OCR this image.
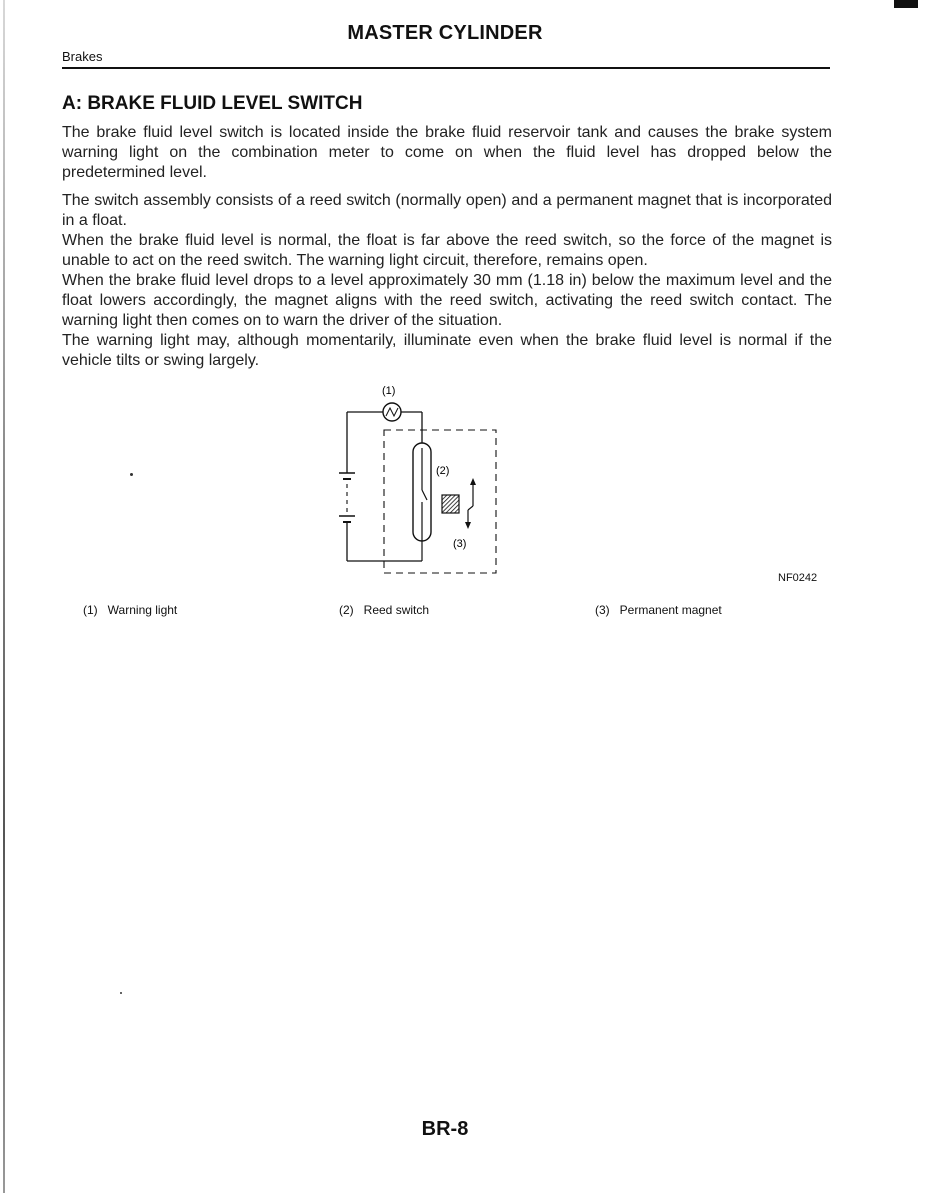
MASTER CYLINDER
Brakes
A: BRAKE FLUID LEVEL SWITCH

The brake fluid level switch is located inside the brake fluid reservoir tank and causes the brake system warning light on the combination meter to come on when the fluid level has dropped below the predetermined level.

The switch assembly consists of a reed switch (normally open) and a permanent magnet that is incorporated in a float.
When the brake fluid level is normal, the float is far above the reed switch, so the force of the magnet is unable to act on the reed switch. The warning light circuit, therefore, remains open.
When the brake fluid level drops to a level approximately 30 mm (1.18 in) below the maximum level and the float lowers accordingly, the magnet aligns with the reed switch, activating the reed switch contact. The warning light then comes on to warn the driver of the situation.
The warning light may, although momentarily, illuminate even when the brake fluid level is normal if the vehicle tilts or swing largely.
(1)
(2)
(3)
NF0242
(1) Warning light	(2) Reed switch	(3) Permanent magnet
BR-8
